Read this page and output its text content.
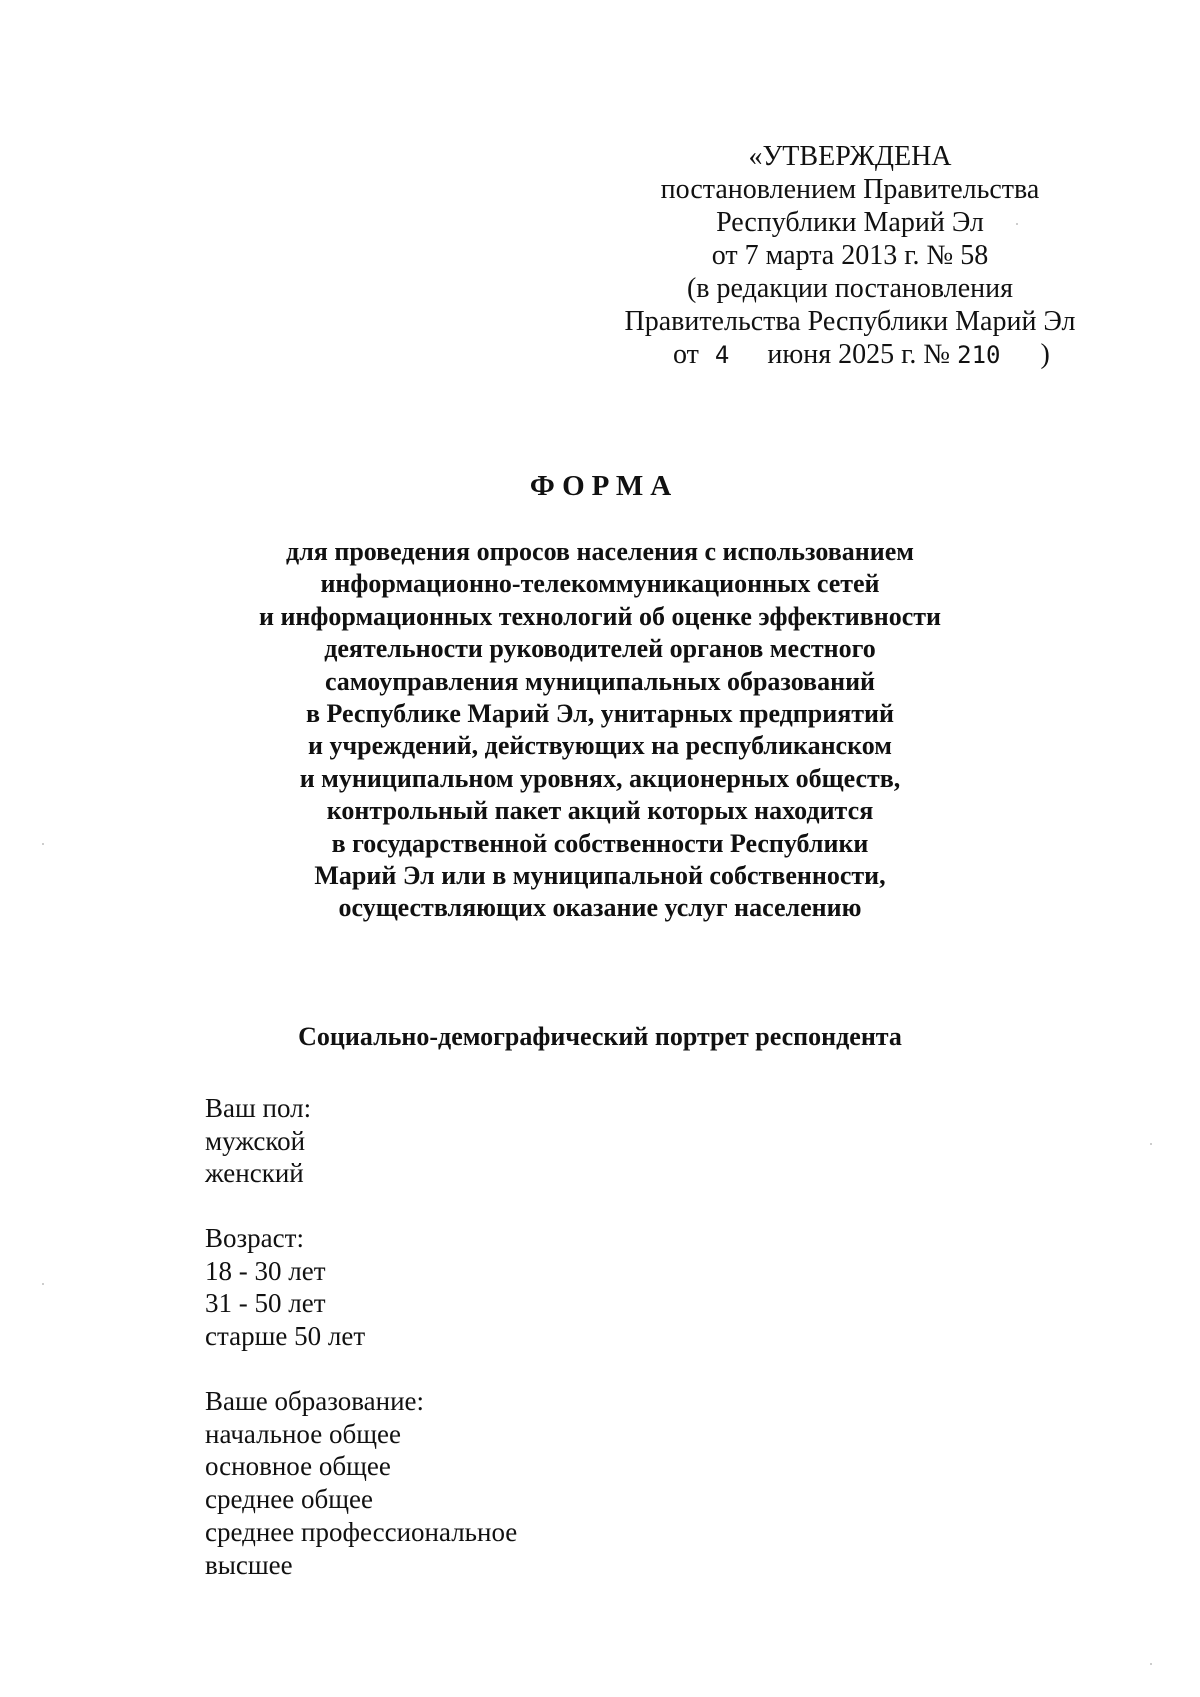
«УТВЕРЖДЕНА
постановлением Правительства
Республики Марий Эл
от 7 марта 2013 г. № 58
(в редакции постановления
Правительства Республики Марий Эл
от 4 июня 2025 г. № 210 )
ФОРМА
для проведения опросов населения с использованием
информационно-телекоммуникационных сетей
и информационных технологий об оценке эффективности
деятельности руководителей органов местного
самоуправления муниципальных образований
в Республике Марий Эл, унитарных предприятий
и учреждений, действующих на республиканском
и муниципальном уровнях, акционерных обществ,
контрольный пакет акций которых находится
в государственной собственности Республики
Марий Эл или в муниципальной собственности,
осуществляющих оказание услуг населению
Социально-демографический портрет респондента
Ваш пол:
мужской
женский
Возраст:
18 - 30 лет
31 - 50 лет
старше 50 лет
Ваше образование:
начальное общее
основное общее
среднее общее
среднее профессиональное
высшее
